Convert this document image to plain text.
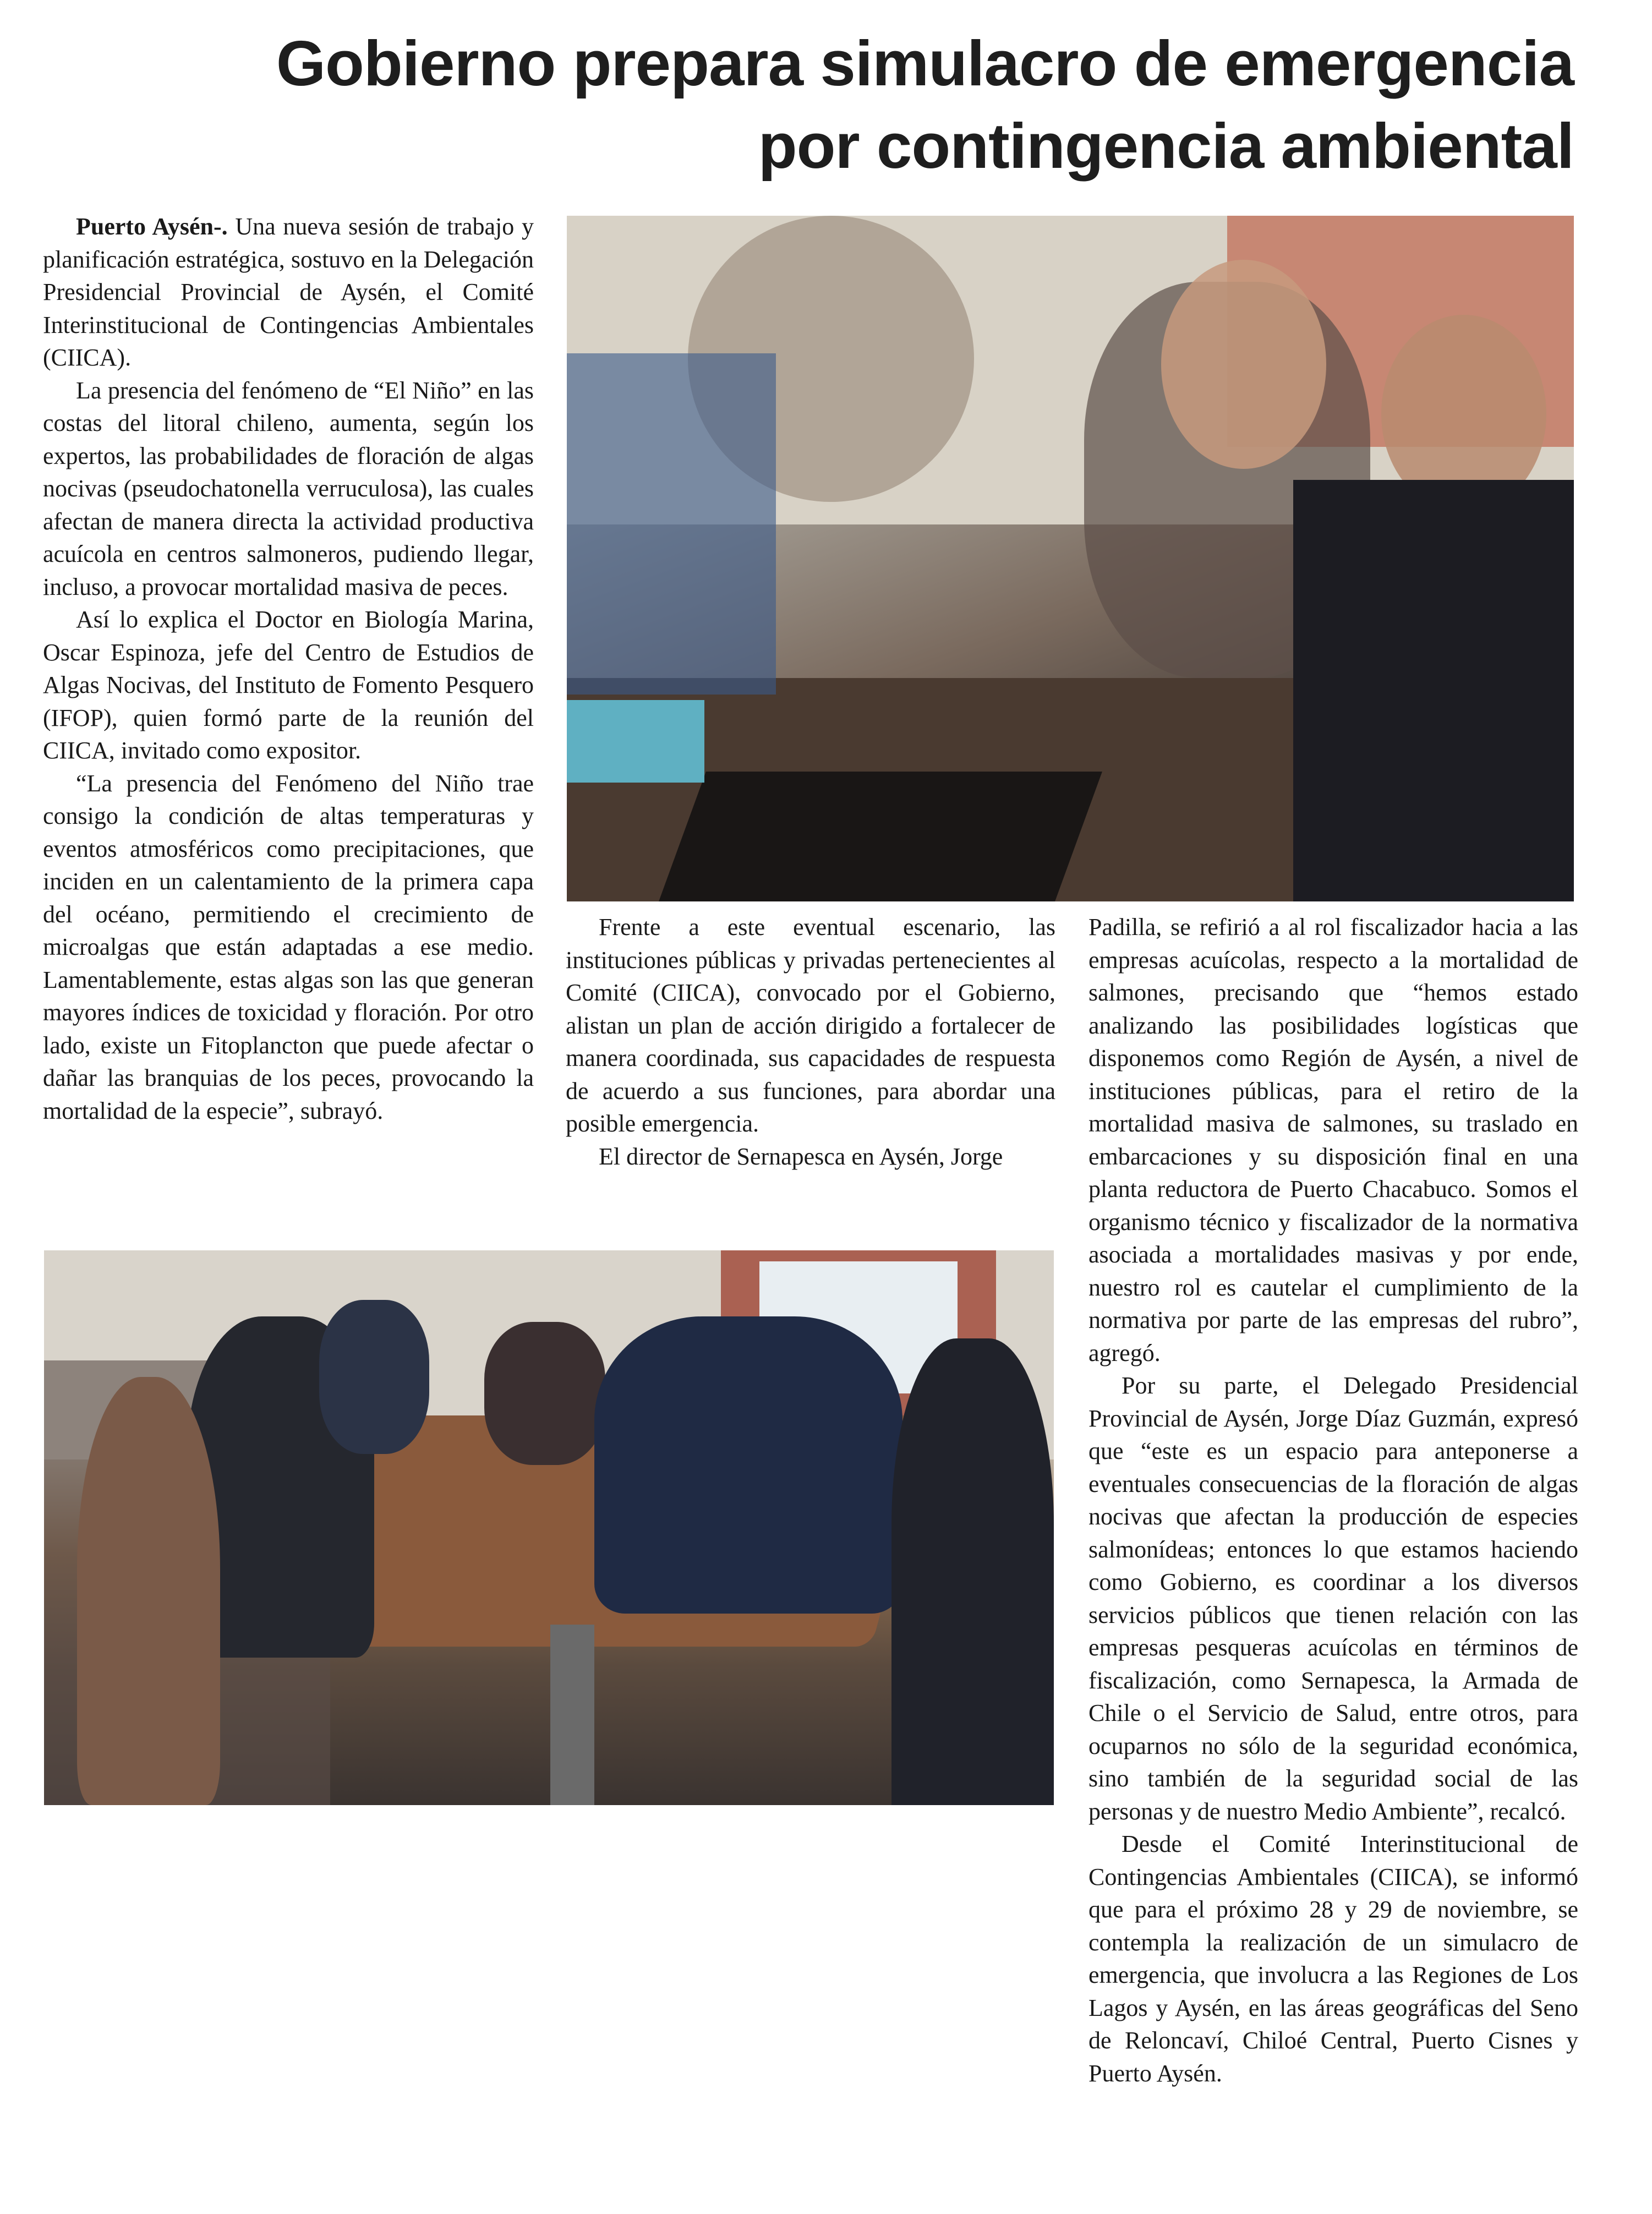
Gobierno prepara simulacro de emergencia
por contingencia ambiental

Puerto Aysén-. Una nueva sesión de trabajo y planificación estratégica, sostuvo en la Delegación Presidencial Provincial de Aysén, el Comité Interinstitucional de Contingencias Ambientales (CIICA).

La presencia del fenómeno de “El Niño” en las costas del litoral chileno, aumenta, según los expertos, las probabilidades de floración de algas nocivas (pseudochatonella verruculosa), las cuales afectan de manera directa la actividad productiva acuícola en centros salmoneros, pudiendo llegar, incluso, a provocar mortalidad masiva de peces.

Así lo explica el Doctor en Biología Marina, Oscar Espinoza, jefe del Centro de Estudios de Algas Nocivas, del Instituto de Fomento Pesquero (IFOP), quien formó parte de la reunión del CIICA, invitado como expositor.

“La presencia del Fenómeno del Niño trae consigo la condición de altas temperaturas y eventos atmosféricos como precipitaciones, que inciden en un calentamiento de la primera capa del océano, permitiendo el crecimiento de microalgas que están adaptadas a ese medio. Lamentablemente, estas algas son las que generan mayores índices de toxicidad y floración. Por otro lado, existe un Fitoplancton que puede afectar o dañar las branquias de los peces, provocando la mortalidad de la especie”, subrayó.

Frente a este eventual escenario, las instituciones públicas y privadas pertenecientes al Comité (CIICA), convocado por el Gobierno, alistan un plan de acción dirigido a fortalecer de manera coordinada, sus capacidades de respuesta de acuerdo a sus funciones, para abordar una posible emergencia.

El director de Sernapesca en Aysén, Jorge

Padilla, se refirió a al rol fiscalizador hacia a las empresas acuícolas, respecto a la mortalidad de salmones, precisando que “hemos estado analizando las posibilidades logísticas que disponemos como Región de Aysén, a nivel de instituciones públicas, para el retiro de la mortalidad masiva de salmones, su traslado en embarcaciones y su disposición final en una planta reductora de Puerto Chacabuco. Somos el organismo técnico y fiscalizador de la normativa asociada a mortalidades masivas y por ende, nuestro rol es cautelar el cumplimiento de la normativa por parte de las empresas del rubro”, agregó.

Por su parte, el Delegado Presidencial Provincial de Aysén, Jorge Díaz Guzmán, expresó que “este es un espacio para anteponerse a eventuales consecuencias de la floración de algas nocivas que afectan la producción de especies salmonídeas; entonces lo que estamos haciendo como Gobierno, es coordinar a los diversos servicios públicos que tienen relación con las empresas pesqueras acuícolas en términos de fiscalización, como Sernapesca, la Armada de Chile o el Servicio de Salud, entre otros, para ocuparnos no sólo de la seguridad económica, sino también de la seguridad social de las personas y de nuestro Medio Ambiente”, recalcó.

Desde el Comité Interinstitucional de Contingencias Ambientales (CIICA), se informó que para el próximo 28 y 29 de noviembre, se contempla la realización de un simulacro de emergencia, que involucra a las Regiones de Los Lagos y Aysén, en las áreas geográficas del Seno de Reloncaví, Chiloé Central, Puerto Cisnes y Puerto Aysén.
